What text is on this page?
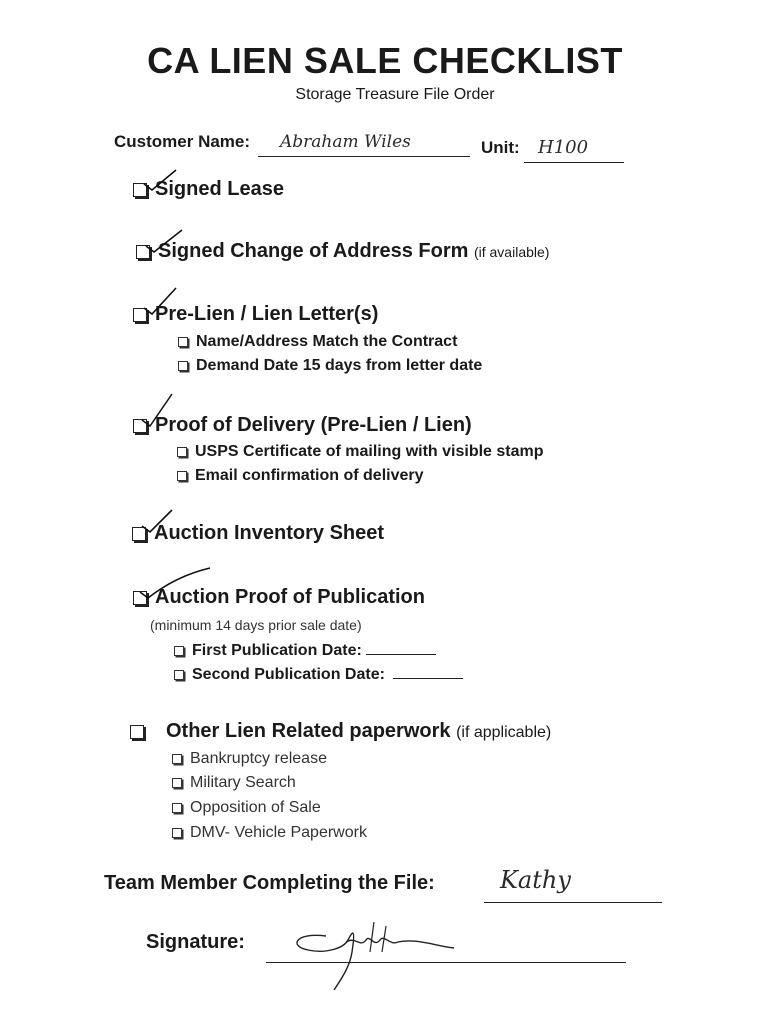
CA LIEN SALE CHECKLIST
Storage Treasure File Order
Customer Name: Abraham Wiles	Unit: H100
Signed Lease
Signed Change of Address Form (if available)
Pre-Lien / Lien Letter(s)
Name/Address Match the Contract
Demand Date 15 days from letter date
Proof of Delivery (Pre-Lien / Lien)
USPS Certificate of mailing with visible stamp
Email confirmation of delivery
Auction Inventory Sheet
Auction Proof of Publication
(minimum 14 days prior sale date)
First Publication Date:
Second Publication Date:
Other Lien Related paperwork (if applicable)
Bankruptcy release
Military Search
Opposition of Sale
DMV- Vehicle Paperwork
Team Member Completing the File:	Kathy
Signature:
